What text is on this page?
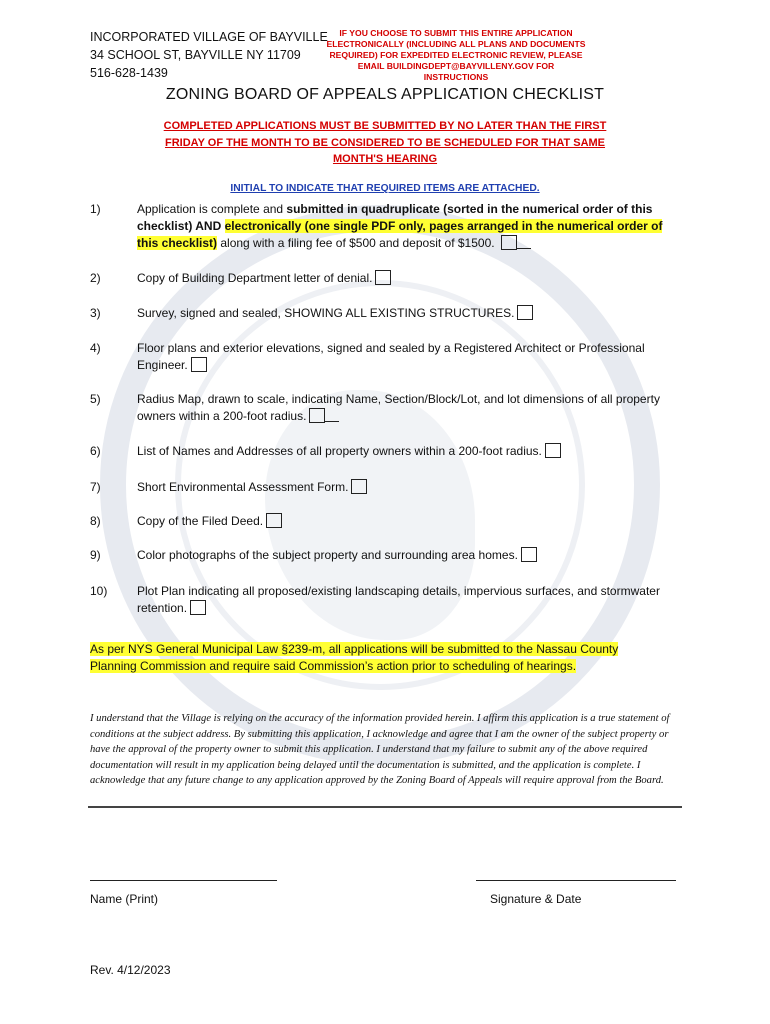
INCORPORATED VILLAGE OF BAYVILLE
34 SCHOOL ST, BAYVILLE NY 11709
516-628-1439
IF YOU CHOOSE TO SUBMIT THIS ENTIRE APPLICATION ELECTRONICALLY (INCLUDING ALL PLANS AND DOCUMENTS REQUIRED) FOR EXPEDITED ELECTRONIC REVIEW, PLEASE EMAIL BUILDINGDEPT@BAYVILLENY.GOV FOR INSTRUCTIONS
ZONING BOARD OF APPEALS APPLICATION CHECKLIST
COMPLETED APPLICATIONS MUST BE SUBMITTED BY NO LATER THAN THE FIRST FRIDAY OF THE MONTH TO BE CONSIDERED TO BE SCHEDULED FOR THAT SAME MONTH'S HEARING
INITIAL TO INDICATE THAT REQUIRED ITEMS ARE ATTACHED.
1)	Application is complete and submitted in quadruplicate (sorted in the numerical order of this checklist) AND electronically (one single PDF only, pages arranged in the numerical order of this checklist) along with a filing fee of $500 and deposit of $1500.
2)	Copy of Building Department letter of denial.
3)	Survey, signed and sealed, SHOWING ALL EXISTING STRUCTURES.
4)	Floor plans and exterior elevations, signed and sealed by a Registered Architect or Professional Engineer.
5)	Radius Map, drawn to scale, indicating Name, Section/Block/Lot, and lot dimensions of all property owners within a 200-foot radius.
6)	List of Names and Addresses of all property owners within a 200-foot radius.
7)	Short Environmental Assessment Form.
8)	Copy of the Filed Deed.
9)	Color photographs of the subject property and surrounding area homes.
10) Plot Plan indicating all proposed/existing landscaping details, impervious surfaces, and stormwater retention.
As per NYS General Municipal Law §239-m, all applications will be submitted to the Nassau County Planning Commission and require said Commission’s action prior to scheduling of hearings.
I understand that the Village is relying on the accuracy of the information provided herein. I affirm this application is a true statement of conditions at the subject address. By submitting this application, I acknowledge and agree that I am the owner of the subject property or have the approval of the property owner to submit this application. I understand that my failure to submit any of the above required documentation will result in my application being delayed until the documentation is submitted, and the application is complete. I acknowledge that any future change to any application approved by the Zoning Board of Appeals will require approval from the Board.
Name (Print)	Signature & Date
Rev. 4/12/2023
